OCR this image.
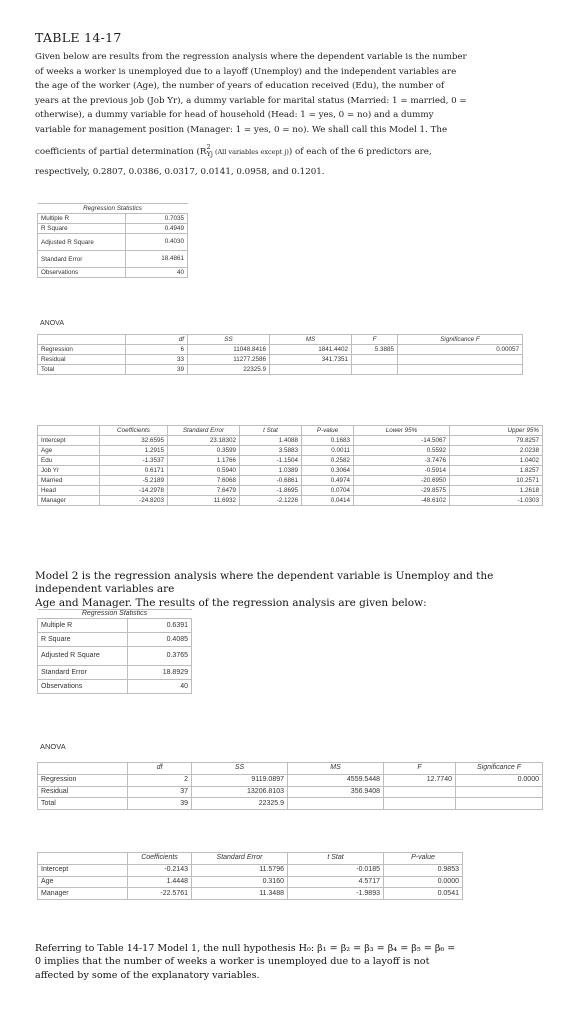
TABLE 14-17

Given below are results from the regression analysis where the dependent variable is the number

of weeks a worker is unemployed due to a layoff (Unemploy) and the independent variables are

the age of the worker (Age), the number of years of education received (Edu), the number of

years at the previous job (Job Yr), a dummy variable for marital status (Married: 1 = married, 0 =

otherwise), a dummy variable for head of household (Head: 1 = yes, 0 = no) and a dummy

variable for management position (Manager: 1 = yes, 0 = no). We shall call this Model 1. The

coefficients of partial determination ($R^2_{Yj}$ (All variables except j)) of each of the 6 predictors are,

respectively, 0.2807, 0.0386, 0.0317, 0.0141, 0.0958, and 0.1201.

Regression Statistics	
Multiple R	0.7035
R Square	0.4949
Adjusted R Square	0.4030
Standard Error	18.4861
Observations	40
ANOVA
	df	SS	MS	F	Significance F
Regression	6	11048.8416	1841.4402	5.3885	0.00057
Residual	33	11277.2586	341.7351		
Total	39	22325.9			
	Coefficients	Standard Error	t Stat	P-value	Lower 95%	Upper 95%
Intercept	32.6595	23.18302	1.4088	0.1683	-14.5067	79.8257
Age	1.2915	0.3599	3.5883	0.0011	0.5592	2.0238
Edu	-1.3537	1.1766	-1.1504	0.2582	-3.7476	1.0402
Job Yr	0.6171	0.5940	1.0389	0.3064	-0.5914	1.8257
Married	-5.2189	7.6068	-0.6861	0.4974	-20.6950	10.2571
Head	-14.2978	7.6479	-1.8695	0.0704	-29.8575	1.2618
Manager	-24.8203	11.6932	-2.1226	0.0414	-48.6102	-1.0303

Model 2 is the regression analysis where the dependent variable is Unemploy and the

independent variables are

Age and Manager. The results of the regression analysis are given below:

Regression Statistics	
Multiple R	0.6391
R Square	0.4085
Adjusted R Square	0.3765
Standard Error	18.8929
Observations	40
ANOVA
	df	SS	MS	F	Significance F
Regression	2	9119.0897	4559.5448	12.7740	0.0000
Residual	37	13206.8103	356.9408		
Total	39	22325.9			
	Coefficients	Standard Error	t Stat	P-value
Intercept	-0.2143	11.5796	-0.0185	0.9853
Age	1.4448	0.3160	4.5717	0.0000
Manager	-22.5761	11.3488	-1.9893	0.0541

Referring to Table 14-17 Model 1, the null hypothesis H₀: β₁ = β₂ = β₃ = β₄ = β₅ = β₆ =

0 implies that the number of weeks a worker is unemployed due to a layoff is not

affected by some of the explanatory variables.
